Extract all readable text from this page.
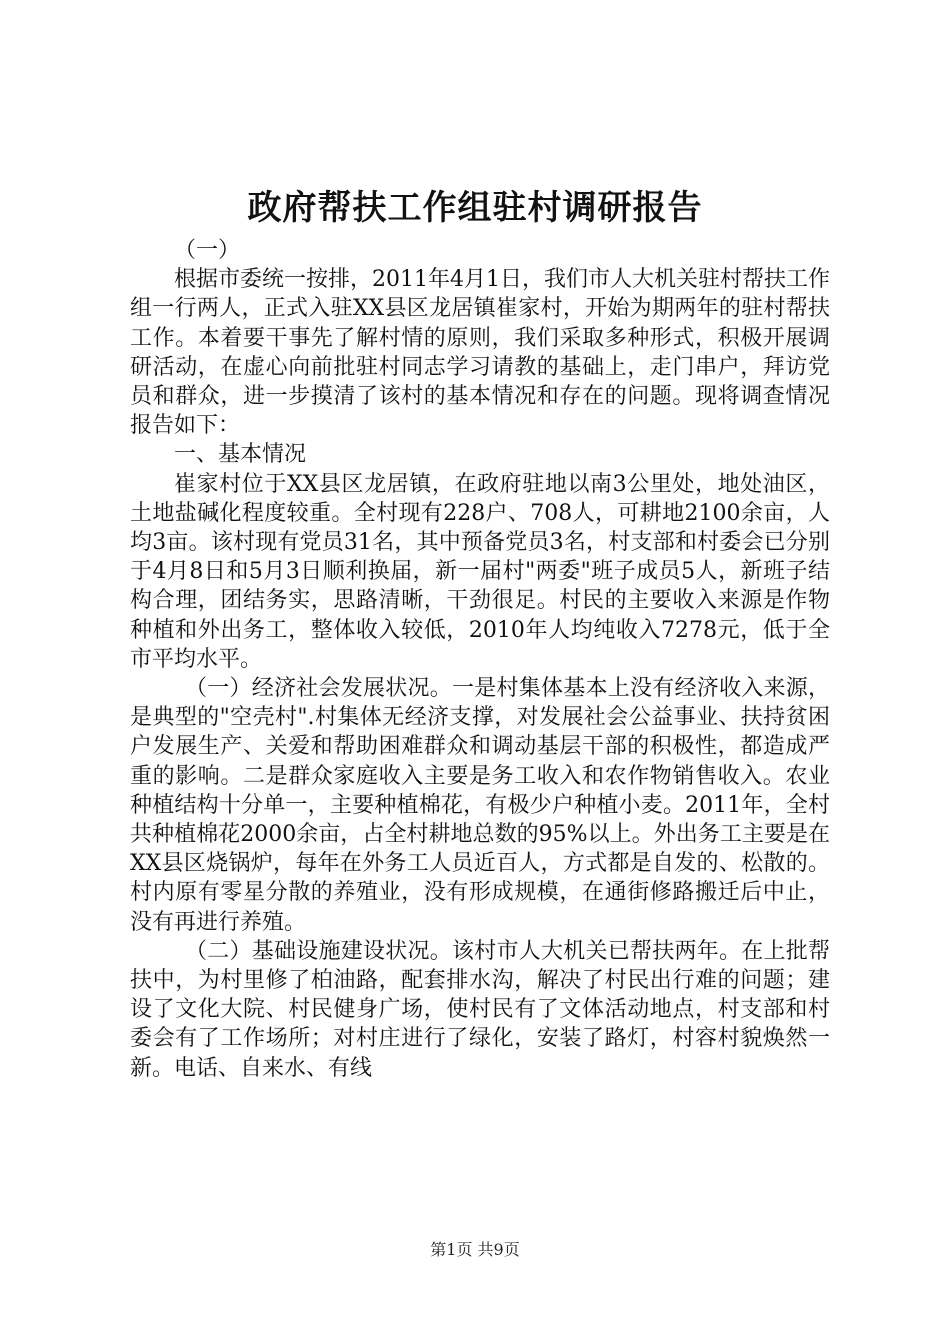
政府帮扶工作组驻村调研报告

（一）

根据市委统一按排，2011年4月1日，我们市人大机关驻村帮扶工作组一行两人，正式入驻XX县区龙居镇崔家村，开始为期两年的驻村帮扶工作。本着要干事先了解村情的原则，我们采取多种形式，积极开展调研活动，在虚心向前批驻村同志学习请教的基础上，走门串户，拜访党员和群众，进一步摸清了该村的基本情况和存在的问题。现将调查情况报告如下：

一、基本情况

崔家村位于XX县区龙居镇，在政府驻地以南3公里处，地处油区，土地盐碱化程度较重。全村现有228户、708人，可耕地2100余亩，人均3亩。该村现有党员31名，其中预备党员3名，村支部和村委会已分别于4月8日和5月3日顺利换届，新一届村"两委"班子成员5人，新班子结构合理，团结务实，思路清晰，干劲很足。村民的主要收入来源是作物种植和外出务工，整体收入较低，2010年人均纯收入7278元，低于全市平均水平。

（一）经济社会发展状况。一是村集体基本上没有经济收入来源，是典型的"空壳村".村集体无经济支撑，对发展社会公益事业、扶持贫困户发展生产、关爱和帮助困难群众和调动基层干部的积极性，都造成严重的影响。二是群众家庭收入主要是务工收入和农作物销售收入。农业种植结构十分单一，主要种植棉花，有极少户种植小麦。2011年，全村共种植棉花2000余亩，占全村耕地总数的95%以上。外出务工主要是在XX县区烧锅炉，每年在外务工人员近百人，方式都是自发的、松散的。村内原有零星分散的养殖业，没有形成规模，在通街修路搬迁后中止，没有再进行养殖。

（二）基础设施建设状况。该村市人大机关已帮扶两年。在上批帮扶中，为村里修了柏油路，配套排水沟，解决了村民出行难的问题；建设了文化大院、村民健身广场，使村民有了文体活动地点，村支部和村委会有了工作场所；对村庄进行了绿化，安装了路灯，村容村貌焕然一新。电话、自来水、有线

第1页 共9页
